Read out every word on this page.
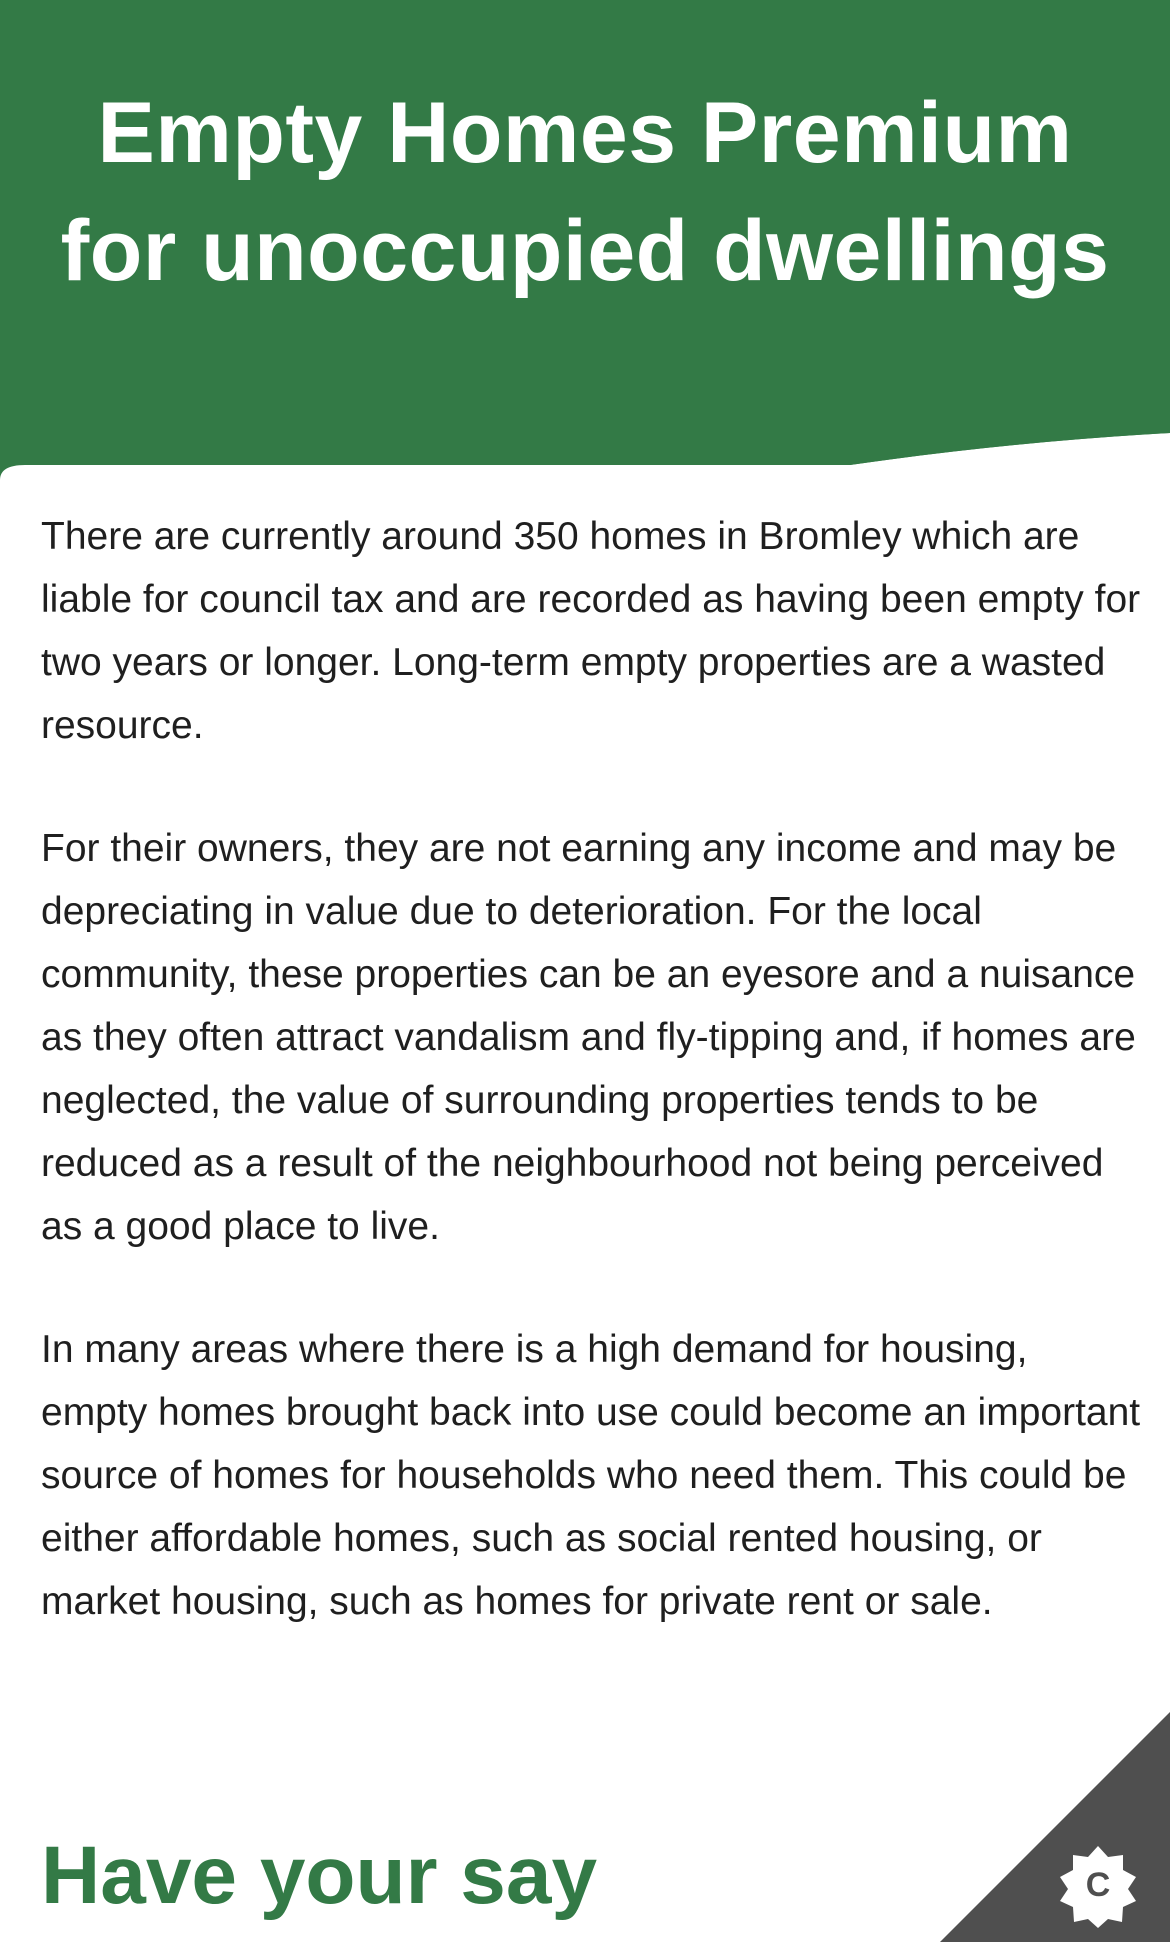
Empty Homes Premium
for unoccupied dwellings

There are currently around 350 homes in Bromley which are liable for council tax and are recorded as having been empty for two years or longer. Long-term empty properties are a wasted resource.

For their owners, they are not earning any income and may be depreciating in value due to deterioration. For the local community, these properties can be an eyesore and a nuisance as they often attract vandalism and fly-tipping and, if homes are neglected, the value of surrounding properties tends to be reduced as a result of the neighbourhood not being perceived as a good place to live.

In many areas where there is a high demand for housing, empty homes brought back into use could become an important source of homes for households who need them. This could be either affordable homes, such as social rented housing, or market housing, such as homes for private rent or sale.

Have your say	C
